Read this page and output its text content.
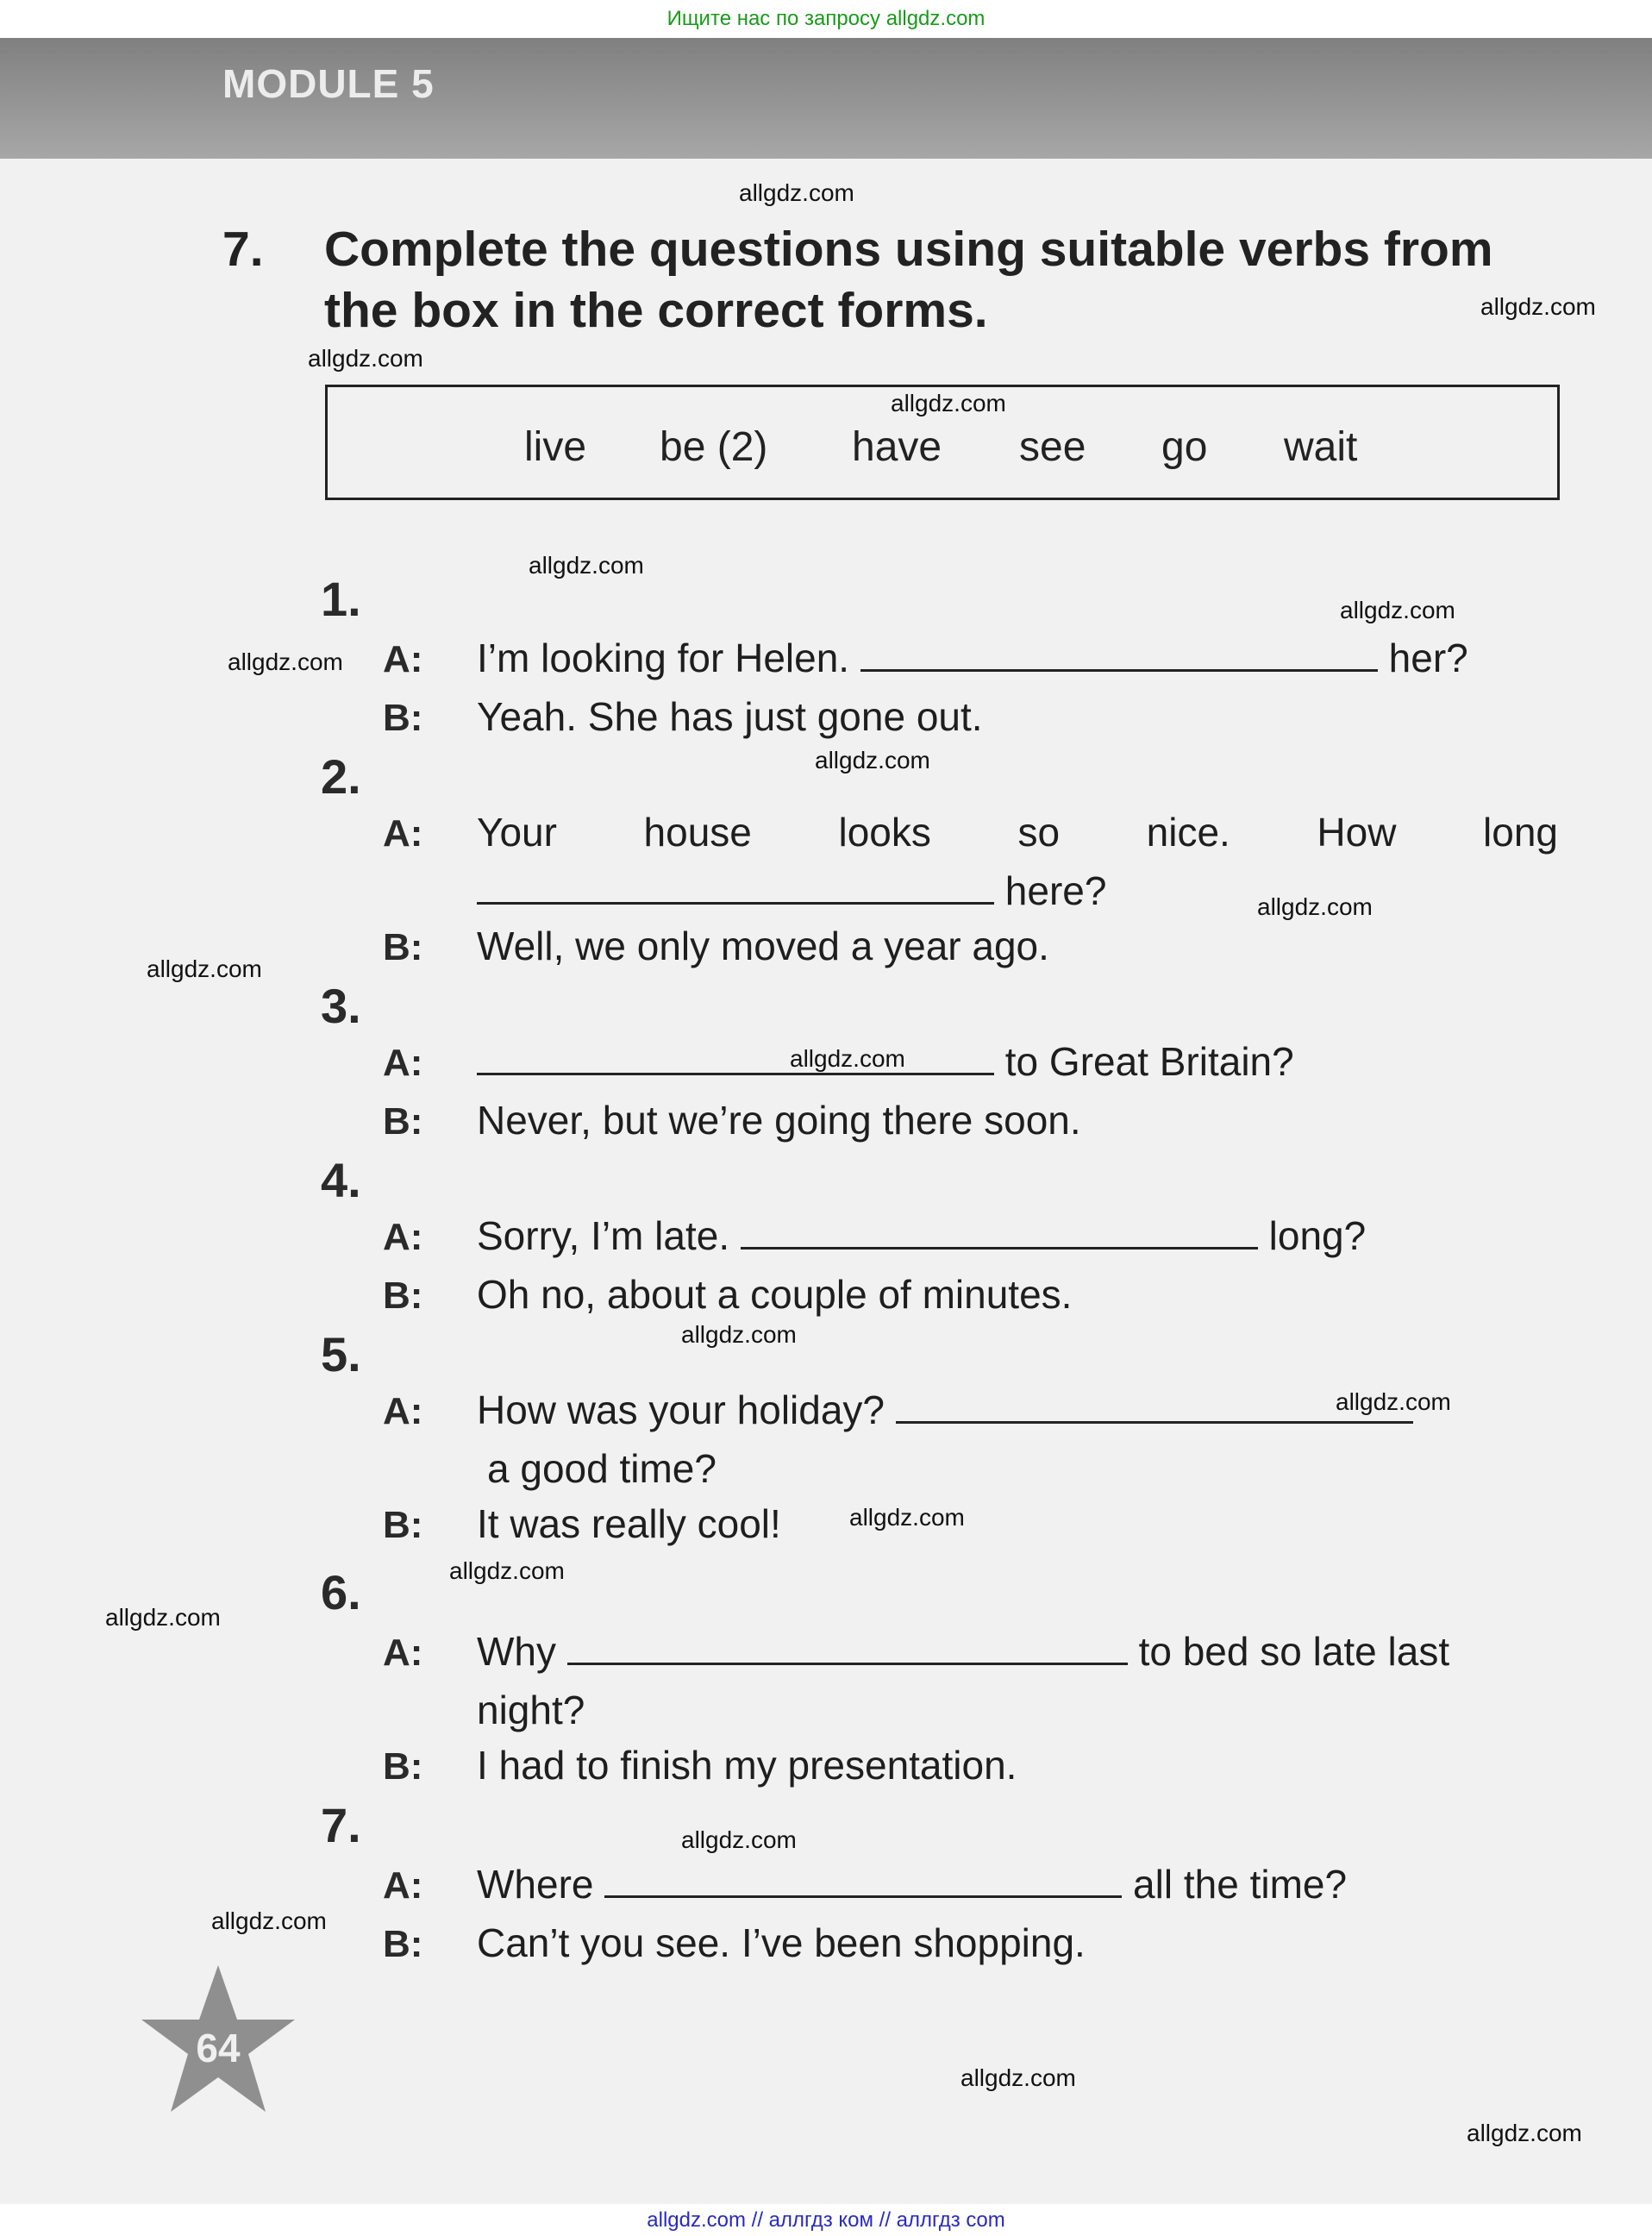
Ищите нас по запросу allgdz.com
MODULE 5
7. Complete the questions using suitable verbs from the box in the correct forms.
live be (2) have see go wait
1.
A: I’m looking for Helen.	her?
B: Yeah. She has just gone out.
2.
A: Your house looks so nice. How long
here?
B: Well, we only moved a year ago.
3.
A:	to Great Britain?
B: Never, but we’re going there soon.
4.
A: Sorry, I’m late.	long?
B: Oh no, about a couple of minutes.
5.
A: How was your holiday?
a good time?
B: It was really cool!
6.
A: Why	to bed so late last
night?
B: I had to finish my presentation.
7.
A: Where	all the time?
B: Can’t you see. I’ve been shopping.
64
allgdz.com
allgdz.com
allgdz.com
allgdz.com
allgdz.com
allgdz.com
allgdz.com
allgdz.com
allgdz.com
allgdz.com
allgdz.com
allgdz.com
allgdz.com
allgdz.com
allgdz.com
allgdz.com
allgdz.com
allgdz.com
allgdz.com
allgdz.com
allgdz.com // аллгдз ком // аллгдз com
